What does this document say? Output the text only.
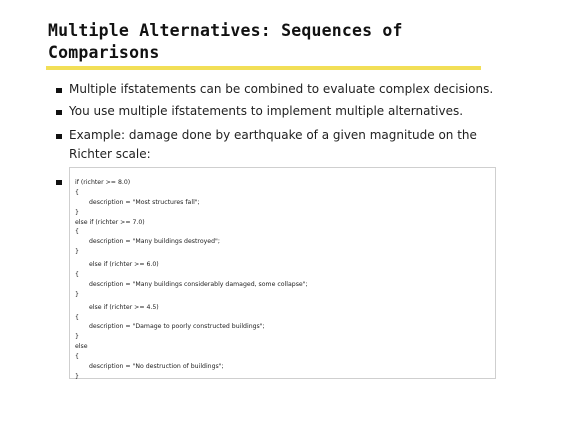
Multiple Alternatives: Sequences of
Comparisons
Multiple ifstatements can be combined to evaluate complex decisions.
You use multiple ifstatements to implement multiple alternatives.
Example: damage done by earthquake of a given magnitude on the
Richter scale:
if (richter >= 8.0)
{
description = "Most structures fall";
}
else if (richter >= 7.0)
{
description = "Many buildings destroyed";
}
else if (richter >= 6.0)
{
description = "Many buildings considerably damaged, some collapse";
}
else if (richter >= 4.5)
{
description = "Damage to poorly constructed buildings";
}
else
{
description = "No destruction of buildings";
}
